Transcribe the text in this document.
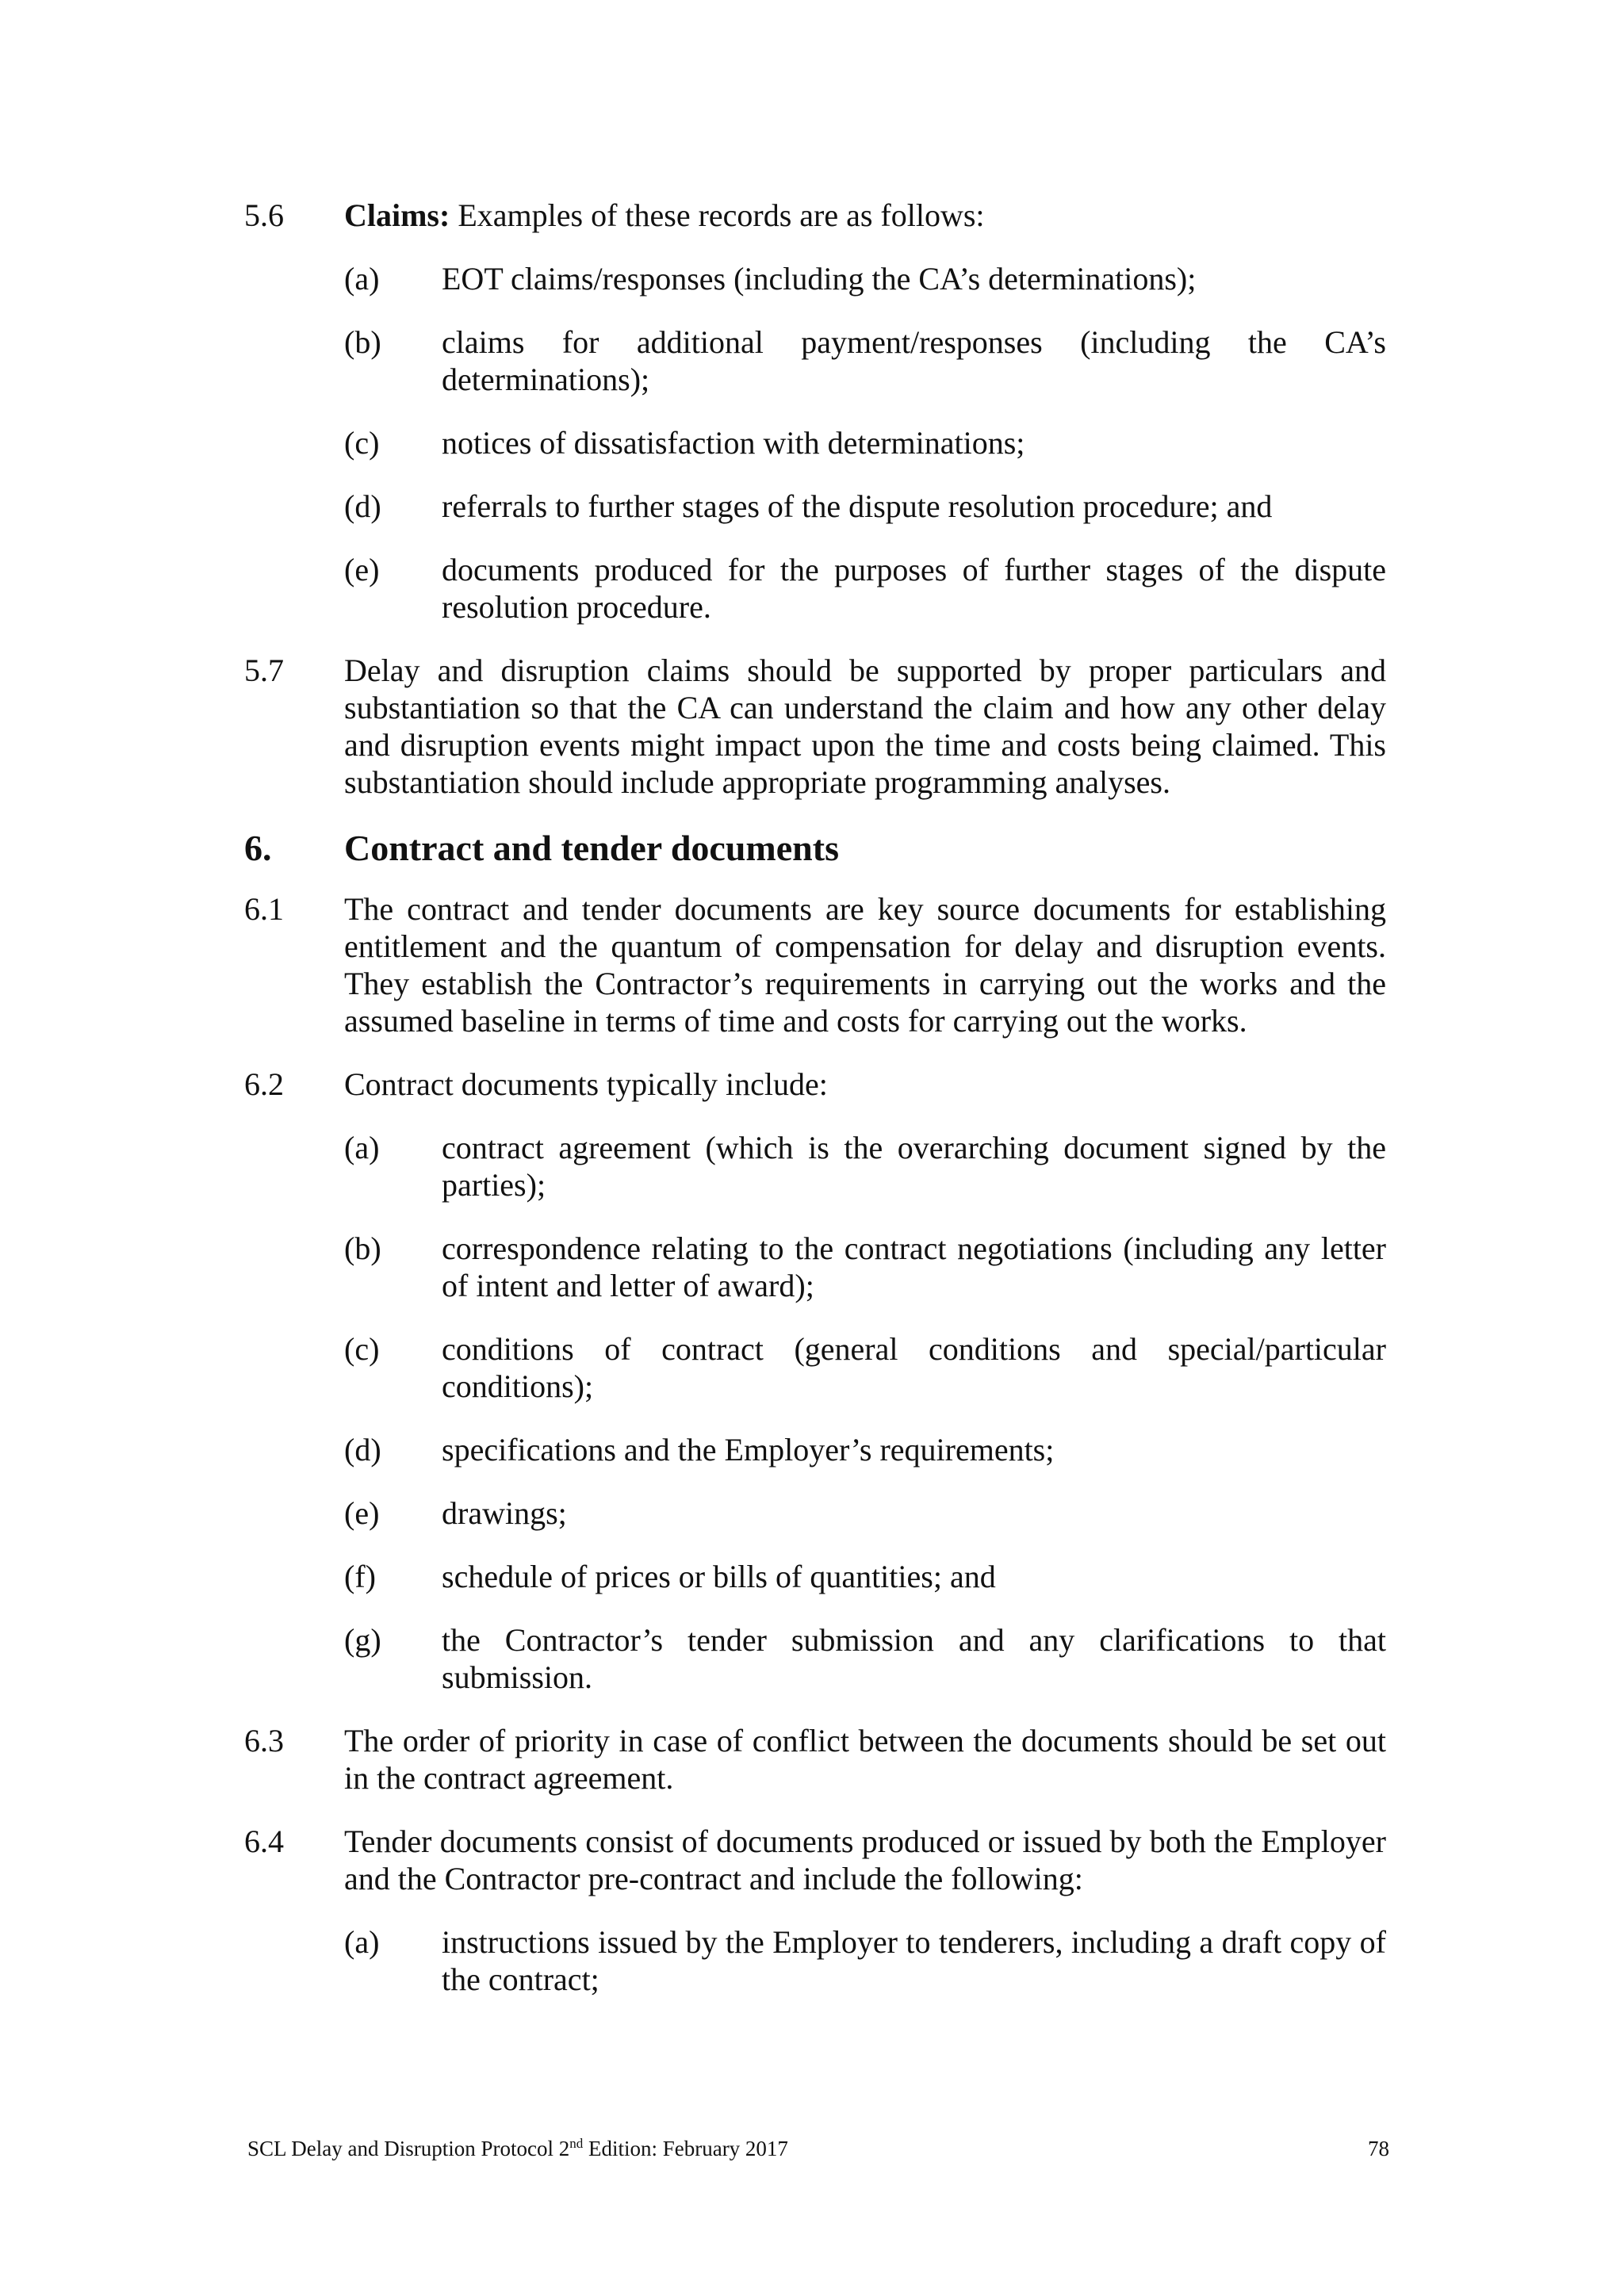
5.6	Claims: Examples of these records are as follows:
(a)	EOT claims/responses (including the CA’s determinations);
(b)	claims for additional payment/responses (including the CA’s determinations);
(c)	notices of dissatisfaction with determinations;
(d)	referrals to further stages of the dispute resolution procedure; and
(e)	documents produced for the purposes of further stages of the dispute resolution procedure.
5.7	Delay and disruption claims should be supported by proper particulars and substantiation so that the CA can understand the claim and how any other delay and disruption events might impact upon the time and costs being claimed. This substantiation should include appropriate programming analyses.
6.	Contract and tender documents
6.1	The contract and tender documents are key source documents for establishing entitlement and the quantum of compensation for delay and disruption events. They establish the Contractor’s requirements in carrying out the works and the assumed baseline in terms of time and costs for carrying out the works.
6.2	Contract documents typically include:
(a)	contract agreement (which is the overarching document signed by the parties);
(b)	correspondence relating to the contract negotiations (including any letter of intent and letter of award);
(c)	conditions of contract (general conditions and special/particular conditions);
(d)	specifications and the Employer’s requirements;
(e)	drawings;
(f)	schedule of prices or bills of quantities; and
(g)	the Contractor’s tender submission and any clarifications to that submission.
6.3	The order of priority in case of conflict between the documents should be set out in the contract agreement.
6.4	Tender documents consist of documents produced or issued by both the Employer and the Contractor pre-contract and include the following:
(a)	instructions issued by the Employer to tenderers, including a draft copy of the contract;
SCL Delay and Disruption Protocol 2nd Edition: February 2017	78
